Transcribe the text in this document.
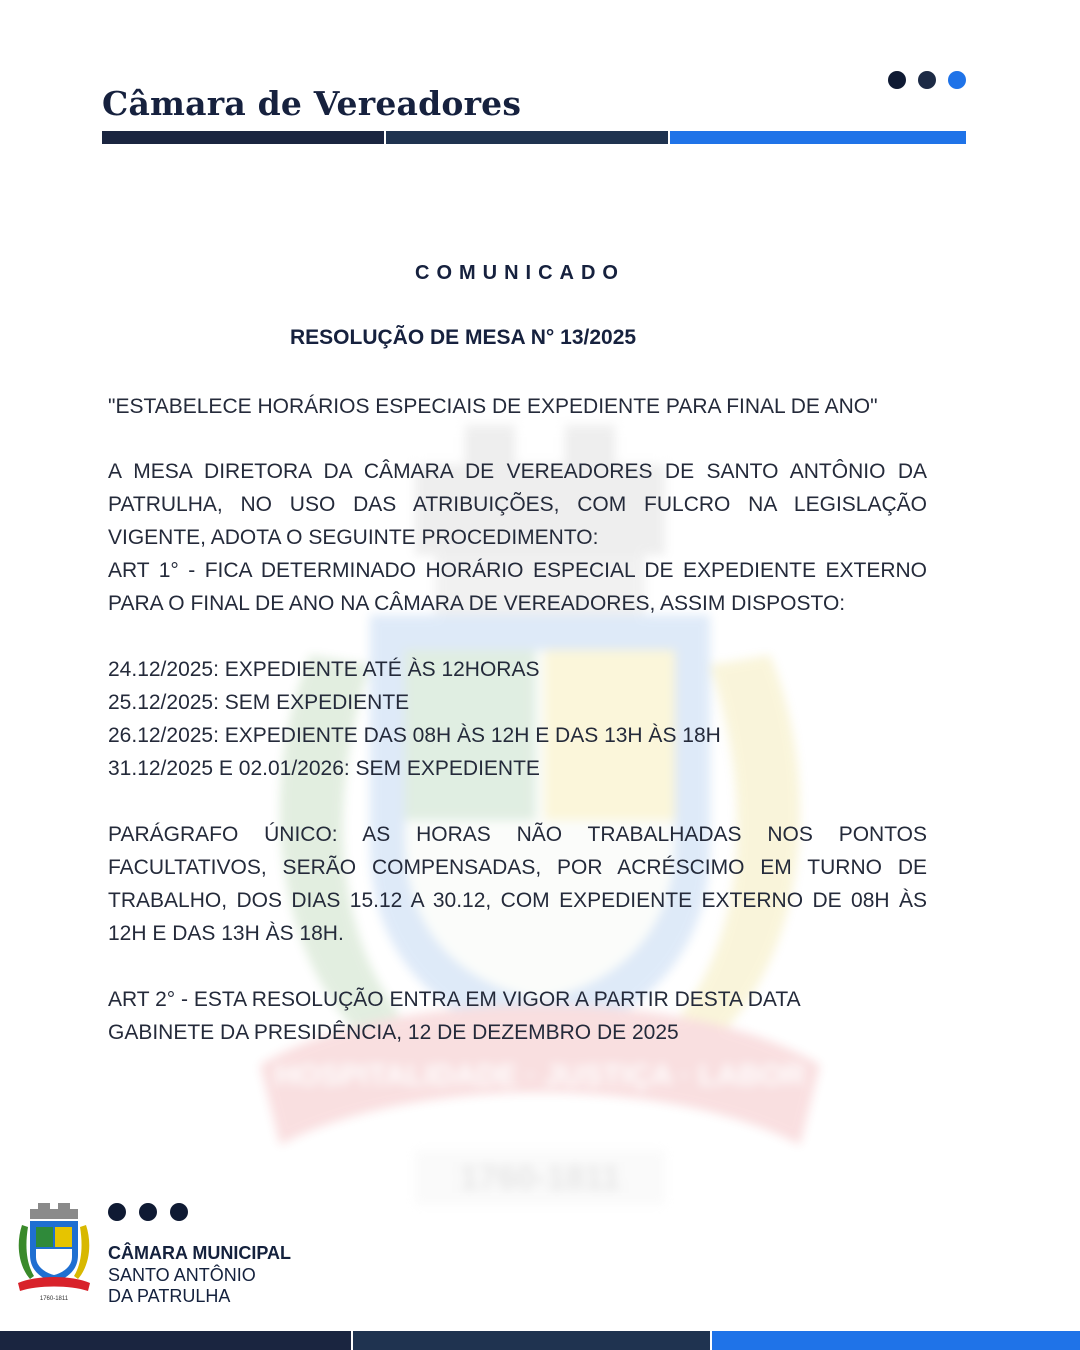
Câmara de Vereadores
HOSPITALIDADE · JUSTIÇA · LABOR
1760-1811
COMUNICADO
RESOLUÇÃO DE MESA N° 13/2025
"ESTABELECE HORÁRIOS ESPECIAIS DE EXPEDIENTE PARA FINAL DE ANO"
A MESA DIRETORA DA CÂMARA DE VEREADORES DE SANTO ANTÔNIO DA PATRULHA, NO USO DAS ATRIBUIÇÕES, COM FULCRO NA LEGISLAÇÃO VIGENTE, ADOTA O SEGUINTE PROCEDIMENTO:
ART 1° - FICA DETERMINADO HORÁRIO ESPECIAL DE EXPEDIENTE EXTERNO PARA O FINAL DE ANO NA CÂMARA DE VEREADORES, ASSIM DISPOSTO:
24.12/2025: EXPEDIENTE ATÉ ÀS 12HORAS
25.12/2025: SEM EXPEDIENTE
26.12/2025: EXPEDIENTE DAS 08H ÀS 12H E DAS 13H ÀS 18H
31.12/2025 E 02.01/2026: SEM EXPEDIENTE
PARÁGRAFO ÚNICO: AS HORAS NÃO TRABALHADAS NOS PONTOS FACULTATIVOS, SERÃO COMPENSADAS, POR ACRÉSCIMO EM TURNO DE TRABALHO, DOS DIAS 15.12 A 30.12, COM EXPEDIENTE EXTERNO DE 08H ÀS 12H E DAS 13H ÀS 18H.
ART 2° - ESTA RESOLUÇÃO ENTRA EM VIGOR A PARTIR DESTA DATA
GABINETE DA PRESIDÊNCIA, 12 DE DEZEMBRO DE 2025
1760-1811
CÂMARA MUNICIPAL
SANTO ANTÔNIO
DA PATRULHA
